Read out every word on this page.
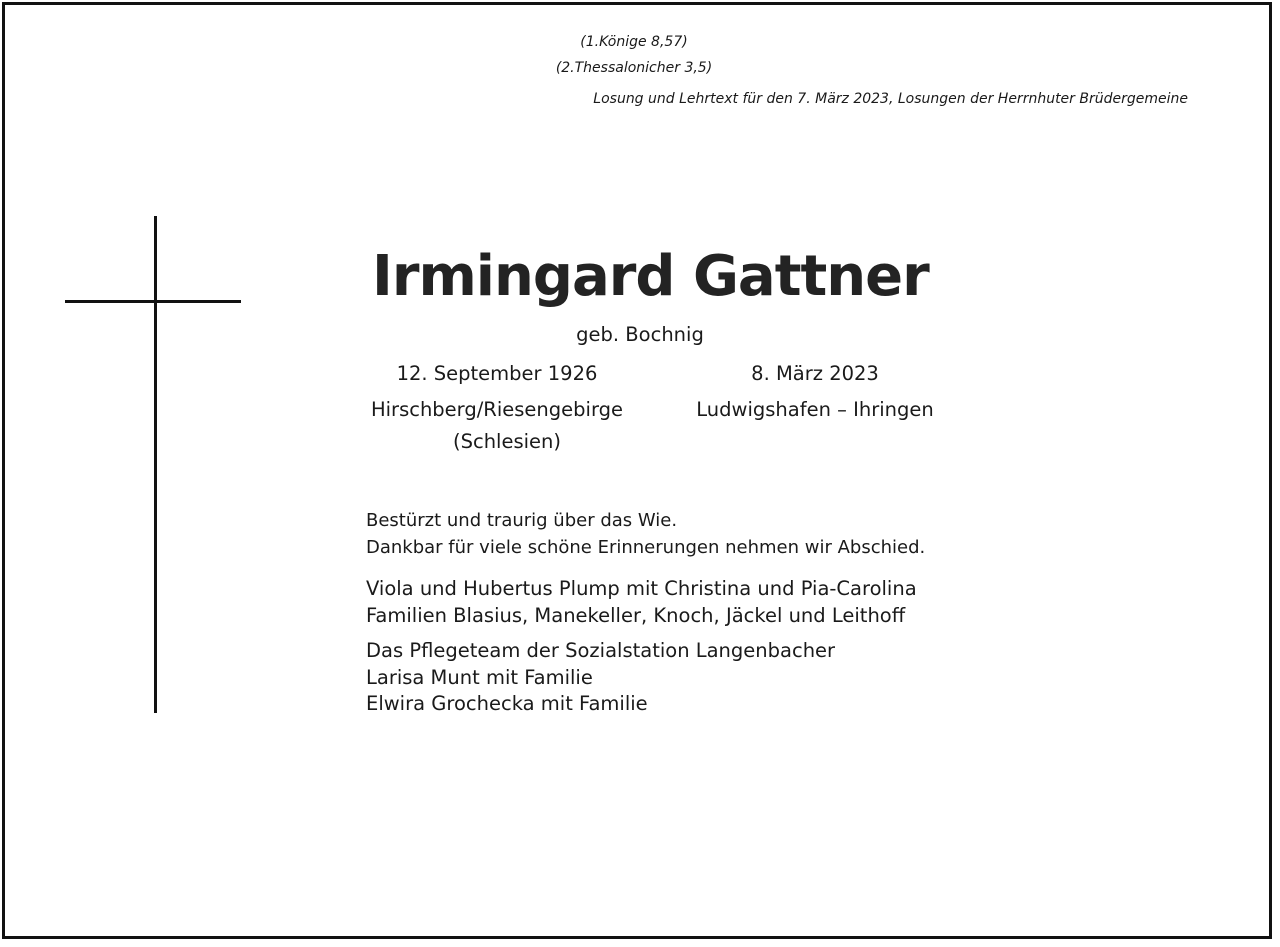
(1.Könige 8,57)
(2.Thessalonicher 3,5)
Losung und Lehrtext für den 7. März 2023, Losungen der Herrnhuter Brüdergemeine
Irmingard Gattner
geb. Bochnig
12. September 1926	8. März 2023
Hirschberg/Riesengebirge	Ludwigshafen – Ihringen
(Schlesien)
Bestürzt und traurig über das Wie.
Dankbar für viele schöne Erinnerungen nehmen wir Abschied.
Viola und Hubertus Plump mit Christina und Pia-Carolina
Familien Blasius, Manekeller, Knoch, Jäckel und Leithoff
Das Pflegeteam der Sozialstation Langenbacher
Larisa Munt mit Familie
Elwira Grochecka mit Familie
